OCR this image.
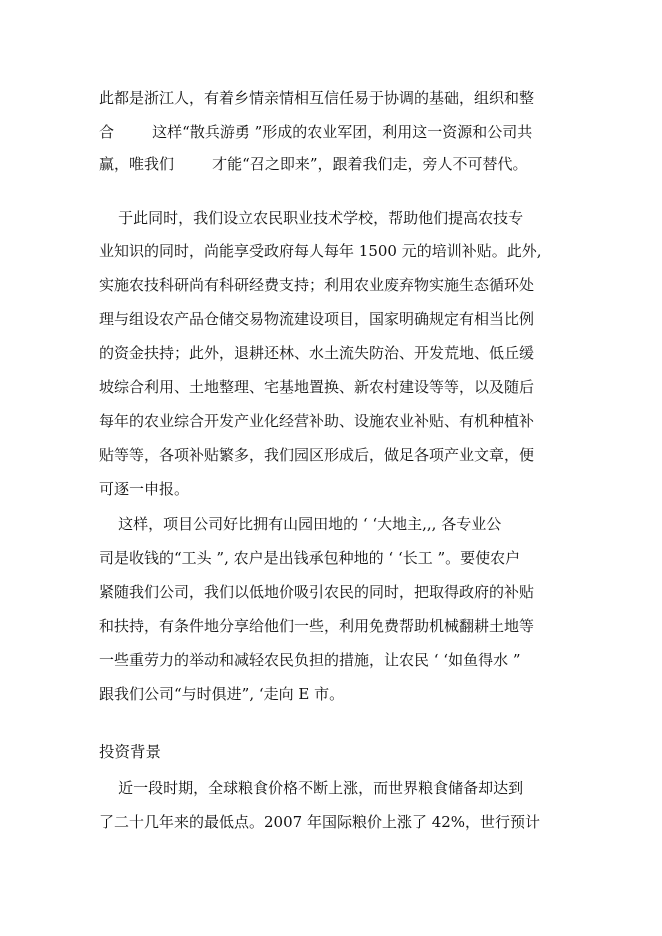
此都是浙江人，有着乡情亲情相互信任易于协调的基础，组织和整
合        这样“散兵游勇 ”形成的农业军团，利用这一资源和公司共
赢，唯我们        才能“召之即来”，跟着我们走，旁人不可替代。
于此同时，我们设立农民职业技术学校，帮助他们提高农技专
业知识的同时，尚能享受政府每人每年 1500 元的培训补贴。此外,
实施农技科研尚有科研经费支持；利用农业废弃物实施生态循环处
理与组设农产品仓储交易物流建设项目，国家明确规定有相当比例
的资金扶持；此外，退耕还林、水土流失防治、开发荒地、低丘缓
坡综合利用、土地整理、宅基地置换、新农村建设等等，以及随后
每年的农业综合开发产业化经营补助、设施农业补贴、有机种植补
贴等等，各项补贴繁多，我们园区形成后，做足各项产业文章，便
可逐一申报。
这样，项目公司好比拥有山园田地的 ‘ ‘大地主,,, 各专业公
司是收钱的“工头 ”, 农户是出钱承包种地的 ‘ ‘长工 ”。要使农户
紧随我们公司，我们以低地价吸引农民的同时，把取得政府的补贴
和扶持，有条件地分享给他们一些，利用免费帮助机械翻耕土地等
一些重劳力的举动和减轻农民负担的措施，让农民 ‘ ‘如鱼得水 ”
跟我们公司“与时俱进”, ‘走向 E 市。
投资背景
近一段时期，全球粮食价格不断上涨，而世界粮食储备却达到
了二十几年来的最低点。2007 年国际粮价上涨了 42%，世行预计
